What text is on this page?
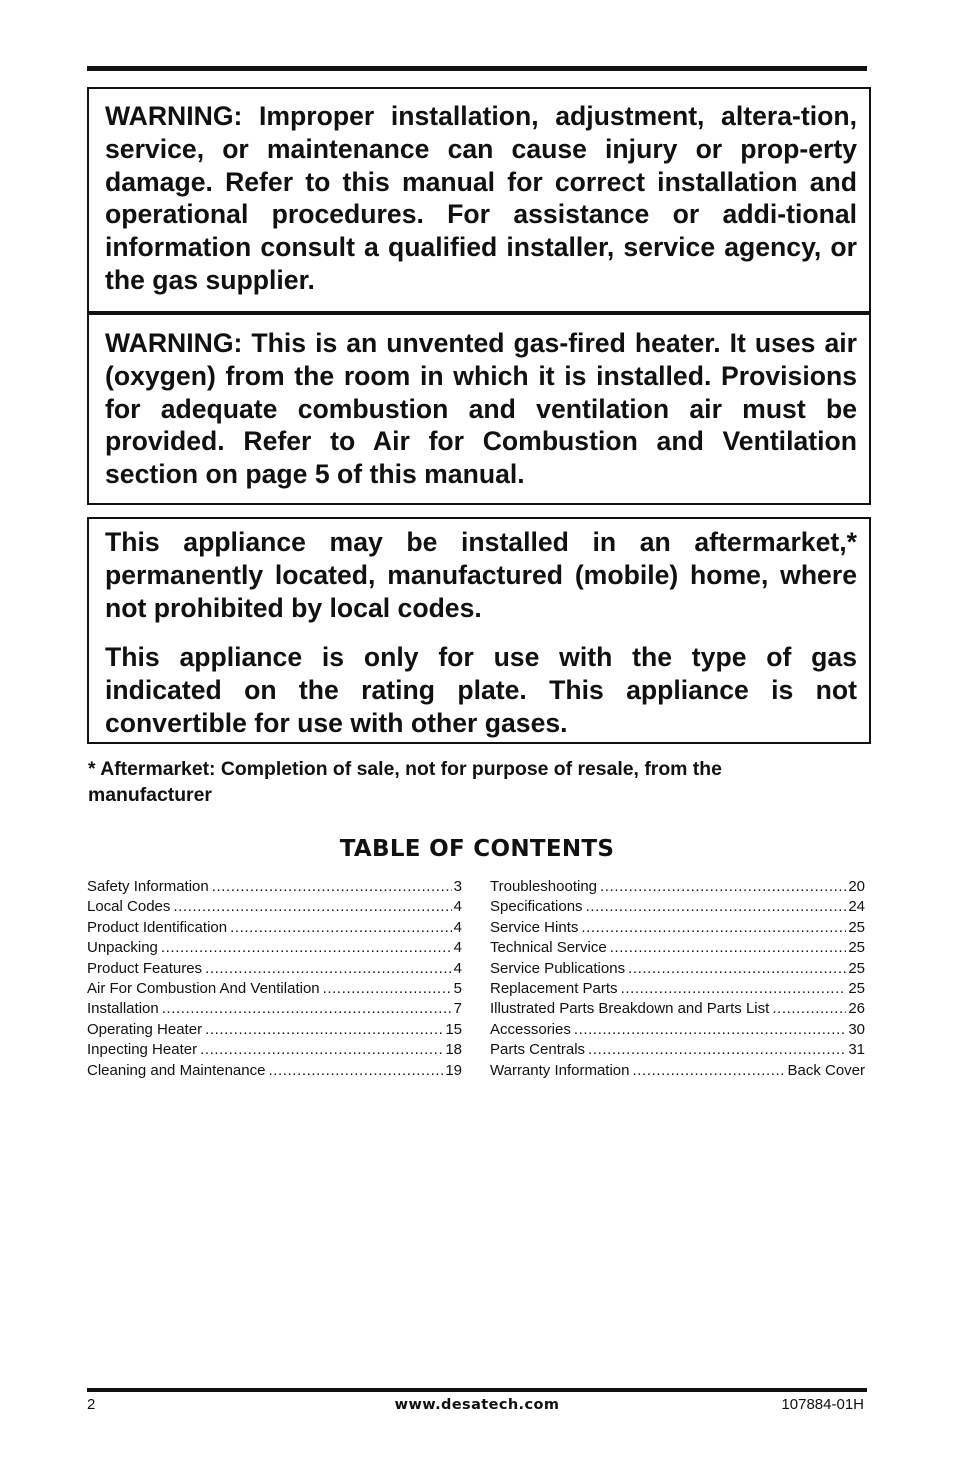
WARNING: Improper installation, adjustment, altera-tion, service, or maintenance can cause injury or prop-erty damage. Refer to this manual for correct installation and operational procedures. For assistance or addi-tional information consult a qualified installer, service agency, or the gas supplier.

WARNING: This is an unvented gas-fired heater. It uses air (oxygen) from the room in which it is installed. Provisions for adequate combustion and ventilation air must be provided. Refer to Air for Combustion and Ventilation section on page 5 of this manual.

This appliance may be installed in an aftermarket,* permanently located, manufactured (mobile) home, where not prohibited by local codes.

This appliance is only for use with the type of gas indicated on the rating plate. This appliance is not convertible for use with other gases.

* Aftermarket: Completion of sale, not for purpose of resale, from the manufacturer
TABLE OF CONTENTS
Safety Information .....	3
Local Codes .....	4
Product Identification .....	4
Unpacking .....	4
Product Features .....	4
Air For Combustion And Ventilation .....	5
Installation .....	7
Operating Heater .....	15
Inpecting Heater .....	18
Cleaning and Maintenance .....	19
Troubleshooting .....	20
Specifications .....	24
Service Hints .....	25
Technical Service .....	25
Service Publications .....	25
Replacement Parts .....	25
Illustrated Parts Breakdown and Parts List .....	26
Accessories .....	30
Parts Centrals .....	31
Warranty Information .....	Back Cover
2	www.desatech.com	107884-01H
